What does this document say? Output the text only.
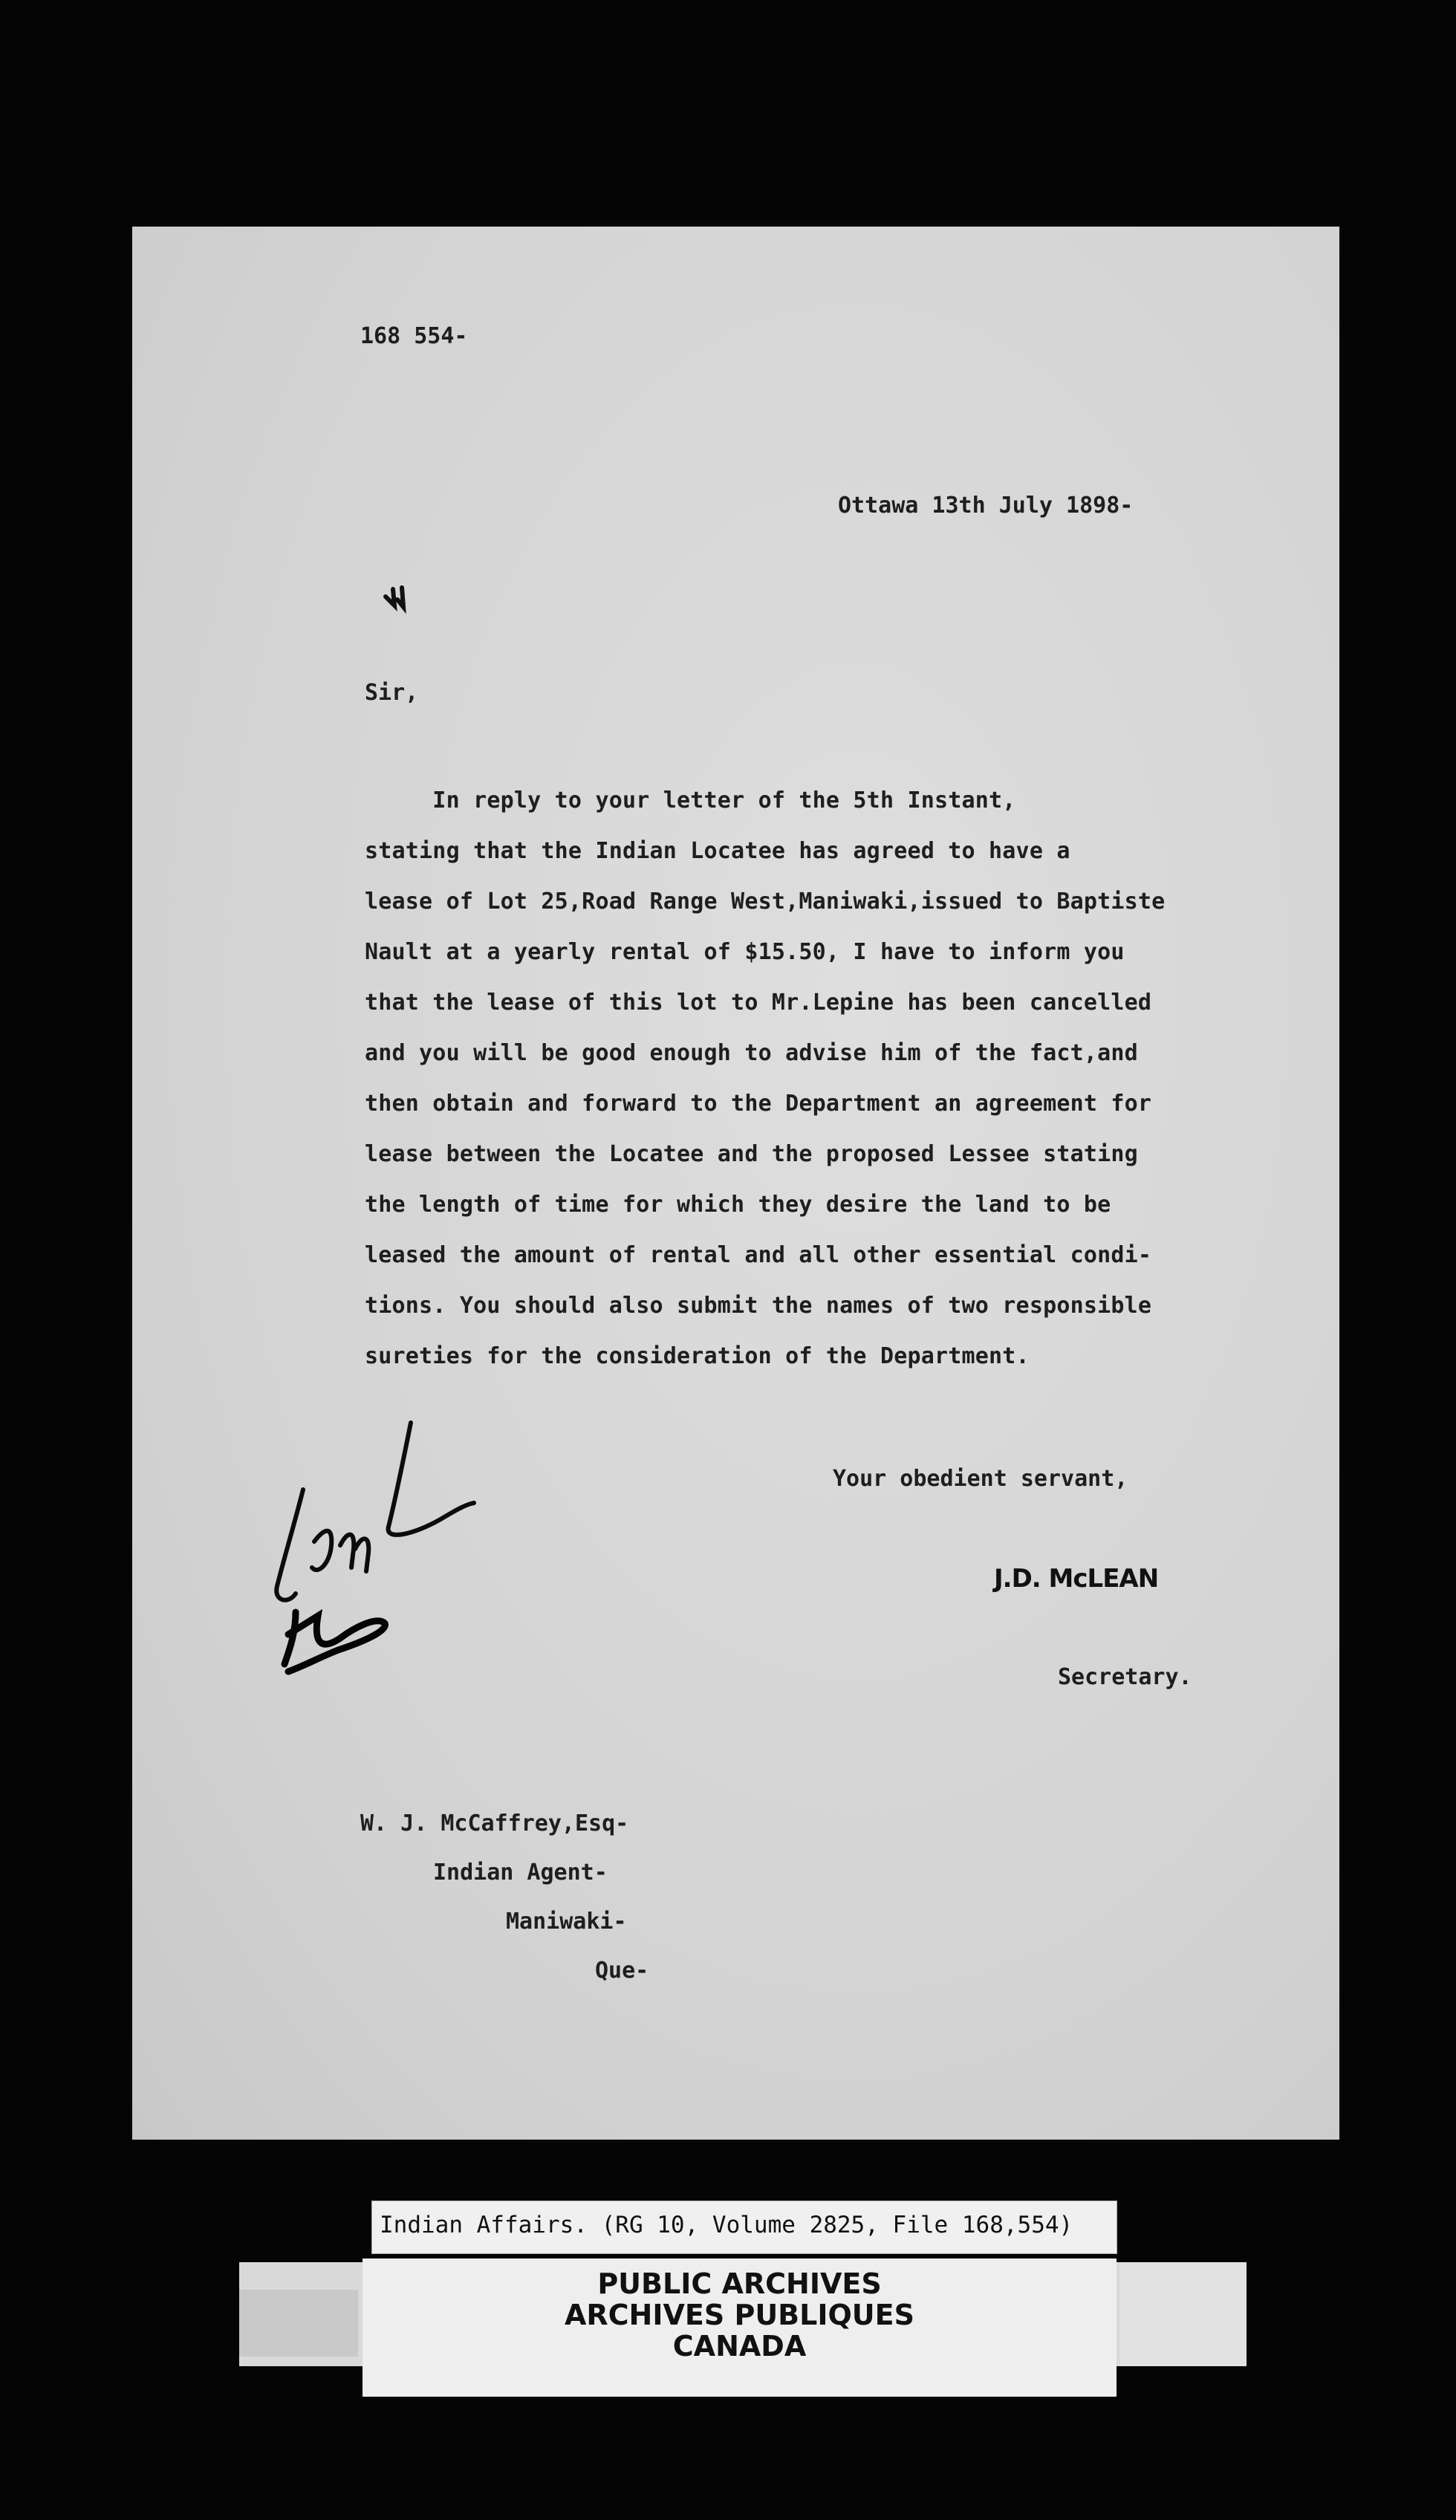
168 554-
Ottawa 13th July 1898-
Sir,
In reply to your letter of the 5th Instant,
stating that the Indian Locatee has agreed to have a
lease of Lot 25,Road Range West,Maniwaki,issued to Baptiste
Nault at a yearly rental of $15.50, I have to inform you
that the lease of this lot to Mr.Lepine has been cancelled
and you will be good enough to advise him of the fact,and
then obtain and forward to the Department an agreement for
lease between the Locatee and the proposed Lessee stating
the length of time for which they desire the land to be
leased the amount of rental and all other essential condi-
tions. You should also submit the names of two responsible
sureties for the consideration of the Department.
Your obedient servant,
J.D. McLEAN
Secretary.
W. J. McCaffrey,Esq-
Indian Agent-
Maniwaki-
Que-
Indian Affairs. (RG 10, Volume 2825, File 168,554)
PUBLIC ARCHIVES
ARCHIVES PUBLIQUES
CANADA
